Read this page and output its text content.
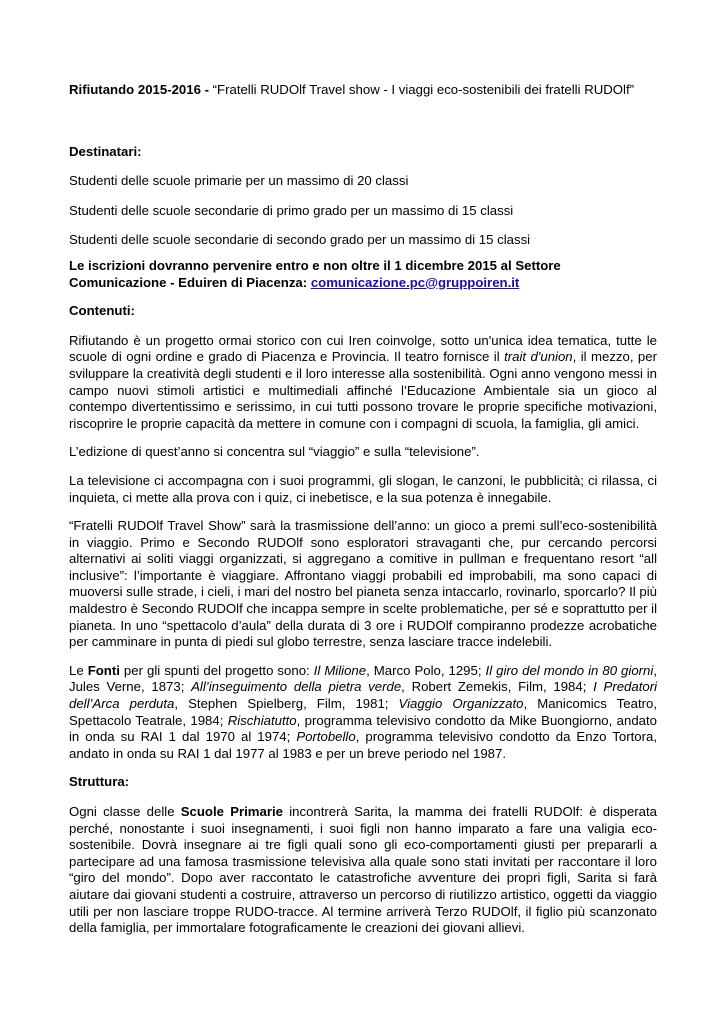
Rifiutando 2015-2016 - “Fratelli RUDOlf Travel show - I viaggi eco-sostenibili dei fratelli RUDOlf”

Destinatari:

Studenti delle scuole primarie per un massimo di 20 classi

Studenti delle scuole secondarie di primo grado per un massimo di 15 classi

Studenti delle scuole secondarie di secondo grado per un massimo di 15 classi

Le iscrizioni dovranno pervenire entro e non oltre il 1 dicembre 2015 al Settore Comunicazione - Eduiren di Piacenza: comunicazione.pc@gruppoiren.it

Contenuti:

Rifiutando è un progetto ormai storico con cui Iren coinvolge, sotto un'unica idea tematica, tutte le scuole di ogni ordine e grado di Piacenza e Provincia. Il teatro fornisce il trait d'union, il mezzo, per sviluppare la creatività degli studenti e il loro interesse alla sostenibilità. Ogni anno vengono messi in campo nuovi stimoli artistici e multimediali affinché l’Educazione Ambientale sia un gioco al contempo divertentissimo e serissimo, in cui tutti possono trovare le proprie specifiche motivazioni, riscoprire le proprie capacità da mettere in comune con i compagni di scuola, la famiglia, gli amici.

L’edizione di quest’anno si concentra sul “viaggio” e sulla “televisione”.

La televisione ci accompagna con i suoi programmi, gli slogan, le canzoni, le pubblicità; ci rilassa, ci inquieta, ci mette alla prova con i quiz, ci inebetisce, e la sua potenza è innegabile.

“Fratelli RUDOlf Travel Show” sarà la trasmissione dell’anno: un gioco a premi sull’eco-sostenibilità in viaggio. Primo e Secondo RUDOlf sono esploratori stravaganti che, pur cercando percorsi alternativi ai soliti viaggi organizzati, si aggregano a comitive in pullman e frequentano resort “all inclusive”: l’importante è viaggiare. Affrontano viaggi probabili ed improbabili, ma sono capaci di muoversi sulle strade, i cieli, i mari del nostro bel pianeta senza intaccarlo, rovinarlo, sporcarlo? Il più maldestro è Secondo RUDOlf che incappa sempre in scelte problematiche, per sé e soprattutto per il pianeta. In uno “spettacolo d’aula” della durata di 3 ore i RUDOlf compiranno prodezze acrobatiche per camminare in punta di piedi sul globo terrestre, senza lasciare tracce indelebili.

Le Fonti per gli spunti del progetto sono: Il Milione, Marco Polo, 1295; Il giro del mondo in 80 giorni, Jules Verne, 1873; All’inseguimento della pietra verde, Robert Zemekis, Film, 1984; I Predatori dell’Arca perduta, Stephen Spielberg, Film, 1981; Viaggio Organizzato, Manicomics Teatro, Spettacolo Teatrale, 1984; Rischiatutto, programma televisivo condotto da Mike Buongiorno, andato in onda su RAI 1 dal 1970 al 1974; Portobello, programma televisivo condotto da Enzo Tortora, andato in onda su RAI 1 dal 1977 al 1983 e per un breve periodo nel 1987.

Struttura:

Ogni classe delle Scuole Primarie incontrerà Sarita, la mamma dei fratelli RUDOlf: è disperata perché, nonostante i suoi insegnamenti, i suoi figli non hanno imparato a fare una valigia eco-sostenibile. Dovrà insegnare ai tre figli quali sono gli eco-comportamenti giusti per prepararli a partecipare ad una famosa trasmissione televisiva alla quale sono stati invitati per raccontare il loro “giro del mondo”. Dopo aver raccontato le catastrofiche avventure dei propri figli, Sarita si farà aiutare dai giovani studenti a costruire, attraverso un percorso di riutilizzo artistico, oggetti da viaggio utili per non lasciare troppe RUDO-tracce. Al termine arriverà Terzo RUDOlf, il figlio più scanzonato della famiglia, per immortalare fotograficamente le creazioni dei giovani allievi.
